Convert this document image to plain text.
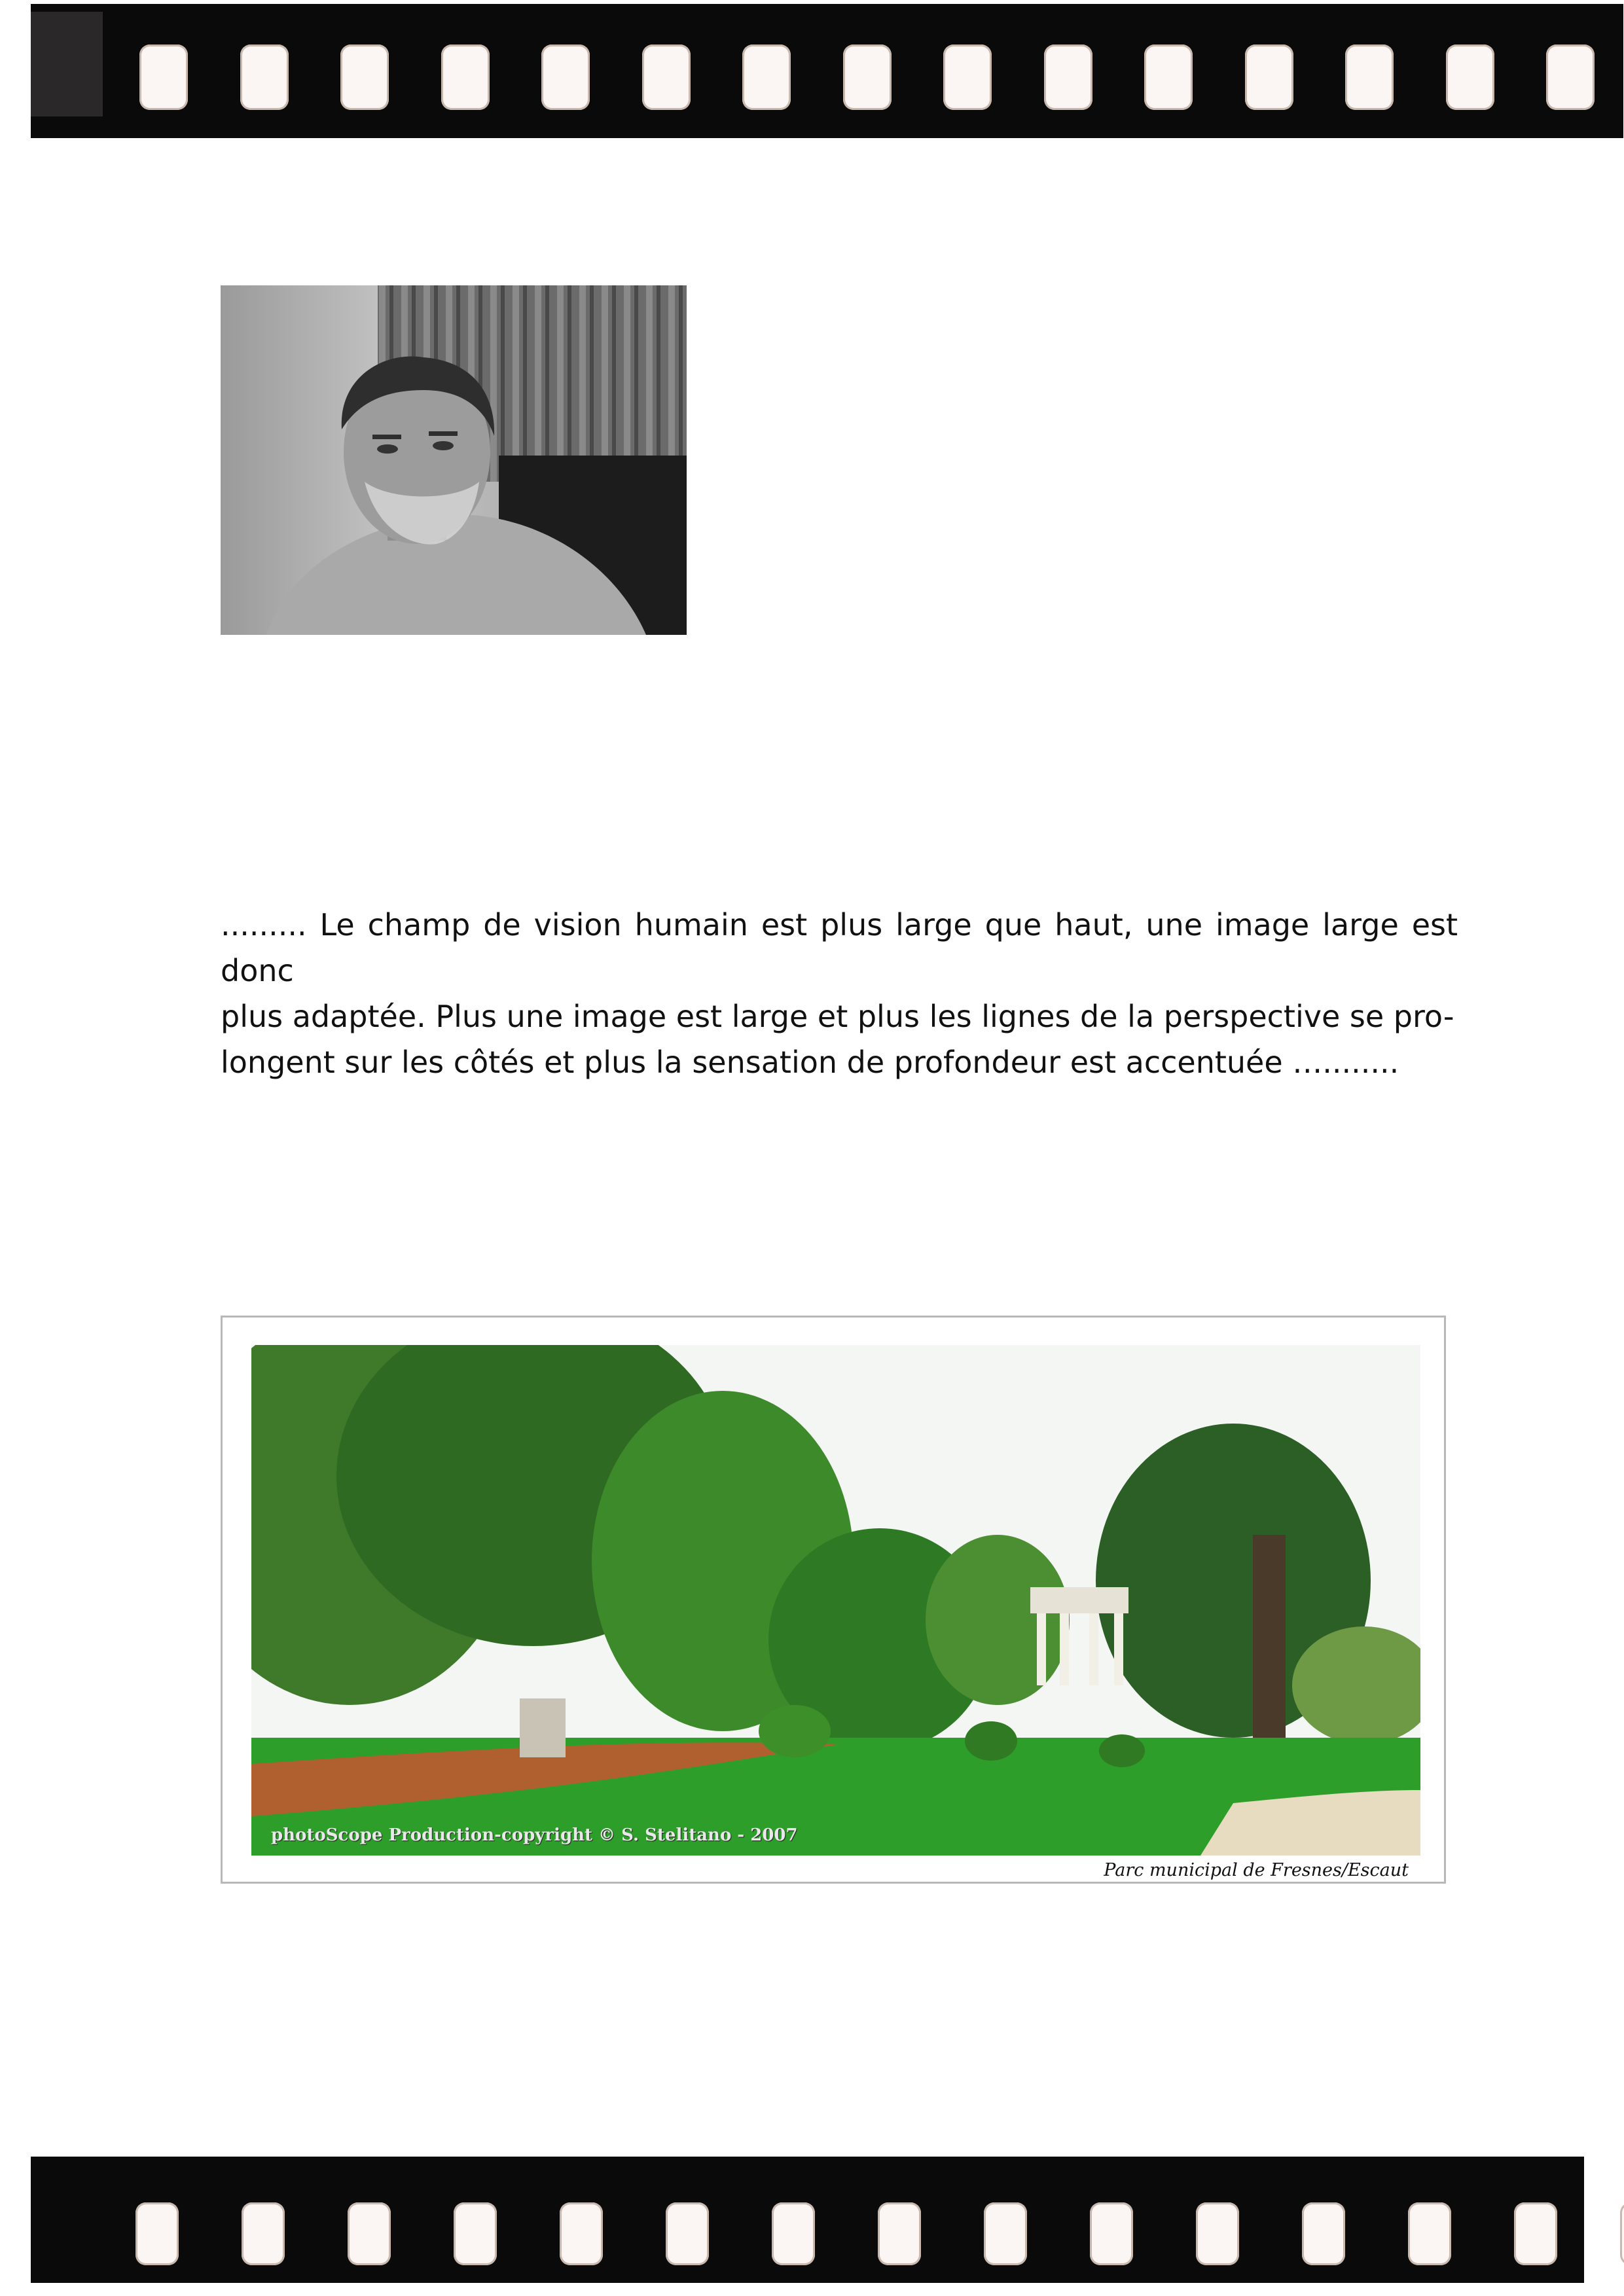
......... Le champ de vision humain est plus large que haut, une image large est donc
plus adaptée. Plus une image est large et plus les lignes de la perspective se pro-
longent sur les côtés et plus la sensation de profondeur est accentuée …........
photoScope Production-copyright © S. Stelitano - 2007
Parc municipal de Fresnes/Escaut
